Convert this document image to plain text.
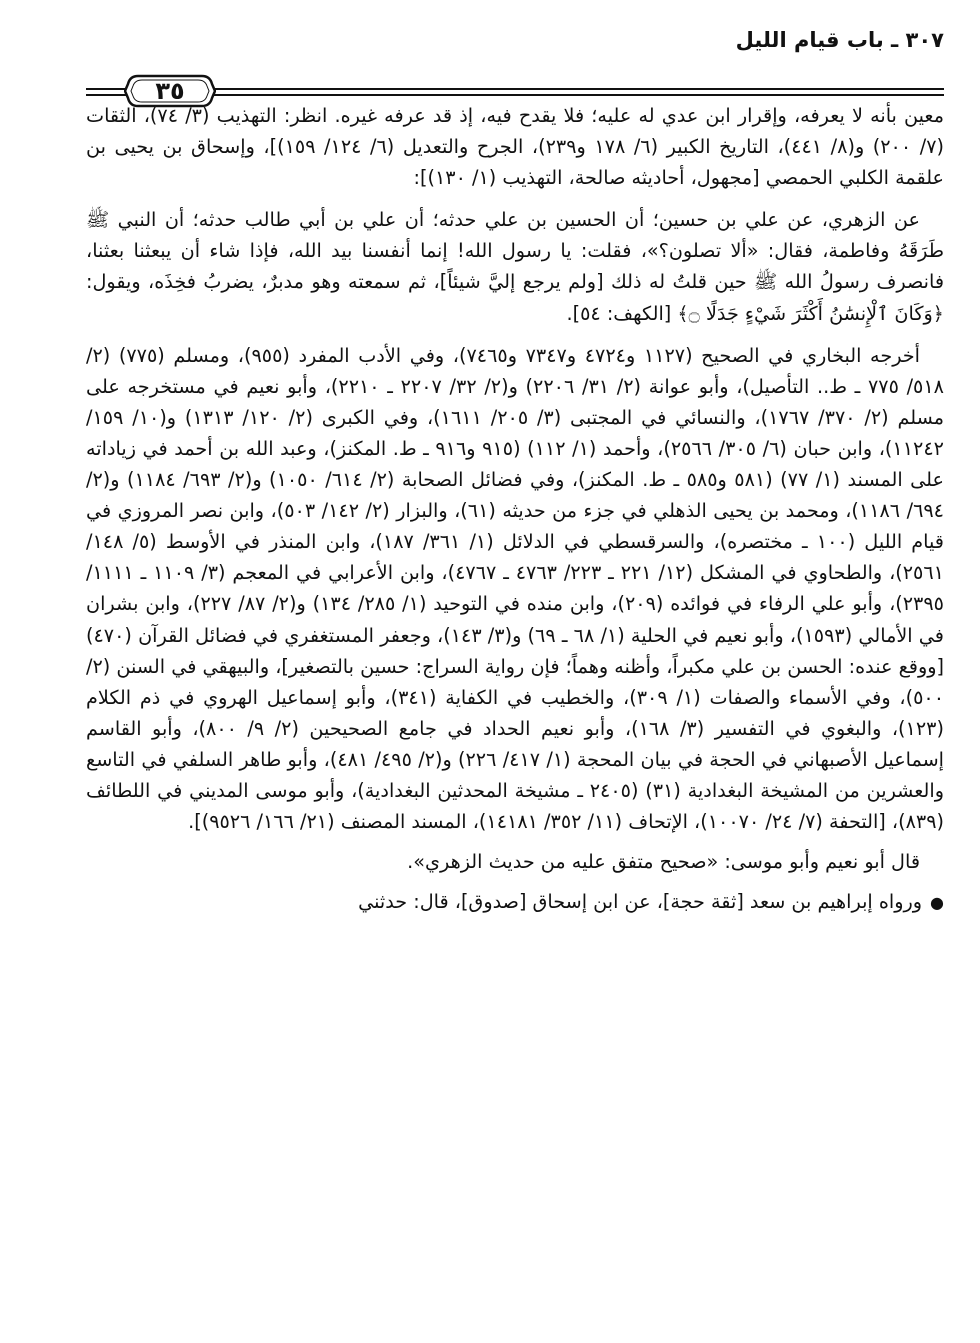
٣٠٧ ـ باب قيام الليل
٣٥

معين بأنه لا يعرفه، وإقرار ابن عدي له عليه؛ فلا يقدح فيه، إذ قد عرفه غيره. انظر: التهذيب (٣/ ٧٤)، الثقات (٧/ ٢٠٠) و(٨/ ٤٤١)، التاريخ الكبير (٦/ ١٧٨ و٢٣٩)، الجرح والتعديل (٦/ ١٢٤/ ١٥٩)]، وإسحاق بن يحيى بن علقمة الكلبي الحمصي [مجهول، أحاديثه صالحة، التهذيب (١/ ١٣٠)]:

عن الزهري، عن علي بن حسين؛ أن الحسين بن علي حدثه؛ أن علي بن أبي طالب حدثه؛ أن النبي ﷺ طَرَقَهُ وفاطمة، فقال: «ألا تصلون؟»، فقلت: يا رسول الله! إنما أنفسنا بيد الله، فإذا شاء أن يبعثنا بعثنا، فانصرف رسولُ الله ﷺ حين قلتُ له ذلك [ولم يرجع إليَّ شيئاً]، ثم سمعته وهو مدبرٌ، يضربُ فخِذَه، ويقول: ﴿وَكَانَ ٱلْإِنسَٰنُ أَكْثَرَ شَيْءٍ جَدَلًا ۝﴾ [الكهف: ٥٤].

أخرجه البخاري في الصحيح (١١٢٧ و٤٧٢٤ و٧٣٤٧ و٧٤٦٥)، وفي الأدب المفرد (٩٥٥)، ومسلم (٧٧٥) (٢/ ٥١٨/ ٧٧٥ ـ ط.. التأصيل)، وأبو عوانة (٢/ ٣١/ ٢٢٠٦) و(٢/ ٣٢/ ٢٢٠٧ ـ ٢٢١٠)، وأبو نعيم في مستخرجه على مسلم (٢/ ٣٧٠/ ١٧٦٧)، والنسائي في المجتبى (٣/ ٢٠٥/ ١٦١١)، وفي الكبرى (٢/ ١٢٠/ ١٣١٣) و(١٠/ ١٥٩/ ١١٢٤٢)، وابن حبان (٦/ ٣٠٥/ ٢٥٦٦)، وأحمد (١/ ١١٢) (٩١٥ و٩١٦ ـ ط. المكنز)، وعبد الله بن أحمد في زياداته على المسند (١/ ٧٧) (٥٨١ و٥٨٥ ـ ط. المكنز)، وفي فضائل الصحابة (٢/ ٦١٤/ ١٠٥٠) و(٢/ ٦٩٣/ ١١٨٤) و(٢/ ٦٩٤/ ١١٨٦)، ومحمد بن يحيى الذهلي في جزء من حديثه (٦١)، والبزار (٢/ ١٤٢/ ٥٠٣)، وابن نصر المروزي في قيام الليل (١٠٠ ـ مختصره)، والسرقسطي في الدلائل (١/ ٣٦١/ ١٨٧)، وابن المنذر في الأوسط (٥/ ١٤٨/ ٢٥٦١)، والطحاوي في المشكل (١٢/ ٢٢١ ـ ٢٢٣/ ٤٧٦٣ ـ ٤٧٦٧)، وابن الأعرابي في المعجم (٣/ ١١٠٩ ـ ١١١١/ ٢٣٩٥)، وأبو علي الرفاء في فوائده (٢٠٩)، وابن منده في التوحيد (١/ ٢٨٥/ ١٣٤) و(٢/ ٨٧/ ٢٢٧)، وابن بشران في الأمالي (١٥٩٣)، وأبو نعيم في الحلية (١/ ٦٨ ـ ٦٩) و(٣/ ١٤٣)، وجعفر المستغفري في فضائل القرآن (٤٧٠) [ووقع عنده: الحسن بن علي مكبراً، وأظنه وهماً؛ فإن رواية السراج: حسين بالتصغير]، والبيهقي في السنن (٢/ ٥٠٠)، وفي الأسماء والصفات (١/ ٣٠٩)، والخطيب في الكفاية (٣٤١)، وأبو إسماعيل الهروي في ذم الكلام (١٢٣)، والبغوي في التفسير (٣/ ١٦٨)، وأبو نعيم الحداد في جامع الصحيحين (٢/ ٩/ ٨٠٠)، وأبو القاسم إسماعيل الأصبهاني في الحجة في بيان المحجة (١/ ٤١٧/ ٢٢٦) و(٢/ ٤٩٥/ ٤٨١)، وأبو طاهر السلفي في التاسع والعشرين من المشيخة البغدادية (٣١) (٢٤٠٥ ـ مشيخة المحدثين البغدادية)، وأبو موسى المديني في اللطائف (٨٣٩)، [التحفة (٧/ ٢٤/ ١٠٠٧٠)، الإتحاف (١١/ ٣٥٢/ ١٤١٨١)، المسند المصنف (٢١/ ١٦٦/ ٩٥٢٦)].

قال أبو نعيم وأبو موسى: «صحيح متفق عليه من حديث الزهري».

●ورواه إبراهيم بن سعد [ثقة حجة]، عن ابن إسحاق [صدوق]، قال: حدثني
